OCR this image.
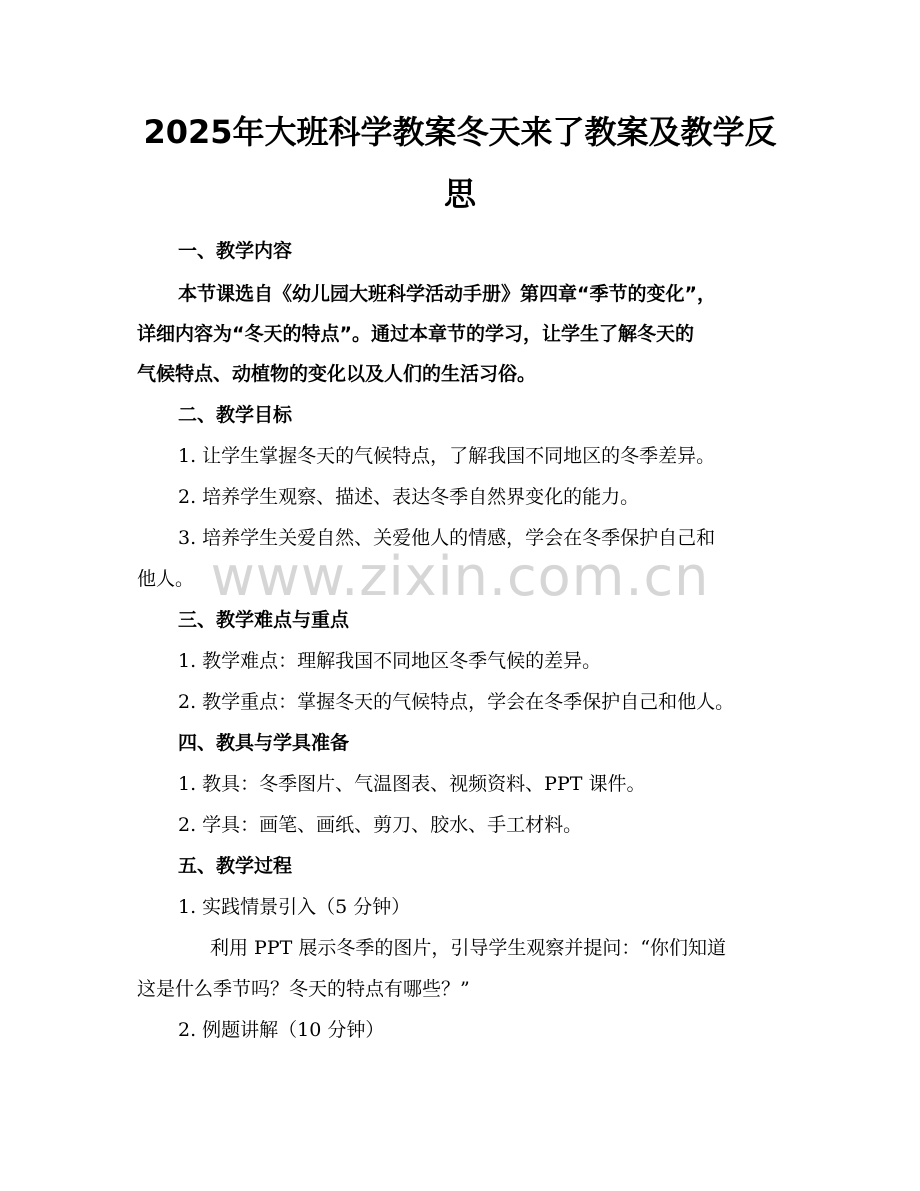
2025年大班科学教案冬天来了教案及教学反
思
一、教学内容
本节课选自《幼儿园大班科学活动手册》第四章“季节的变化”，
详细内容为“冬天的特点”。通过本章节的学习，让学生了解冬天的
气候特点、动植物的变化以及人们的生活习俗。
二、教学目标
1. 让学生掌握冬天的气候特点，了解我国不同地区的冬季差异。
2. 培养学生观察、描述、表达冬季自然界变化的能力。
3. 培养学生关爱自然、关爱他人的情感，学会在冬季保护自己和
他人。
三、教学难点与重点
1. 教学难点：理解我国不同地区冬季气候的差异。
2. 教学重点：掌握冬天的气候特点，学会在冬季保护自己和他人。
四、教具与学具准备
1. 教具：冬季图片、气温图表、视频资料、PPT 课件。
2. 学具：画笔、画纸、剪刀、胶水、手工材料。
五、教学过程
1. 实践情景引入（5 分钟）
利用 PPT 展示冬季的图片，引导学生观察并提问：“你们知道
这是什么季节吗？冬天的特点有哪些？”
2. 例题讲解（10 分钟）
www.zixin.com.cn
